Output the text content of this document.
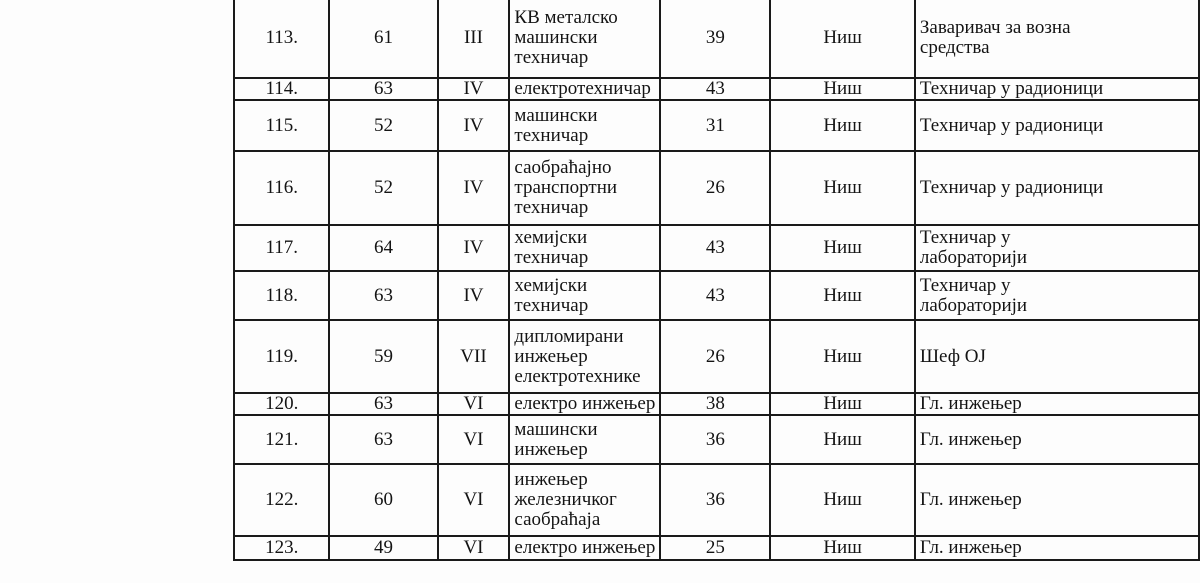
113.	61	III	КВ металско
машински
техничар	39	Ниш	Заваривач за возна
средства

114.	63	IV	електротехничар	43	Ниш	Техничар у радионици

115.	52	IV	машински
техничар	31	Ниш	Техничар у радионици

116.	52	IV	саобраћајно
транспортни
техничар	26	Ниш	Техничар у радионици

117.	64	IV	хемијски
техничар	43	Ниш	Техничар у
лабораторији

118.	63	IV	хемијски
техничар	43	Ниш	Техничар у
лабораторији

119.	59	VII	дипломирани
инжењер
електротехнике	26	Ниш	Шеф ОЈ

120.	63	VI	електро инжењер	38	Ниш	Гл. инжењер

121.	63	VI	машински
инжењер	36	Ниш	Гл. инжењер

122.	60	VI	инжењер
железничког
саобраћаја	36	Ниш	Гл. инжењер

123.	49	VI	електро инжењер	25	Ниш	Гл. инжењер
